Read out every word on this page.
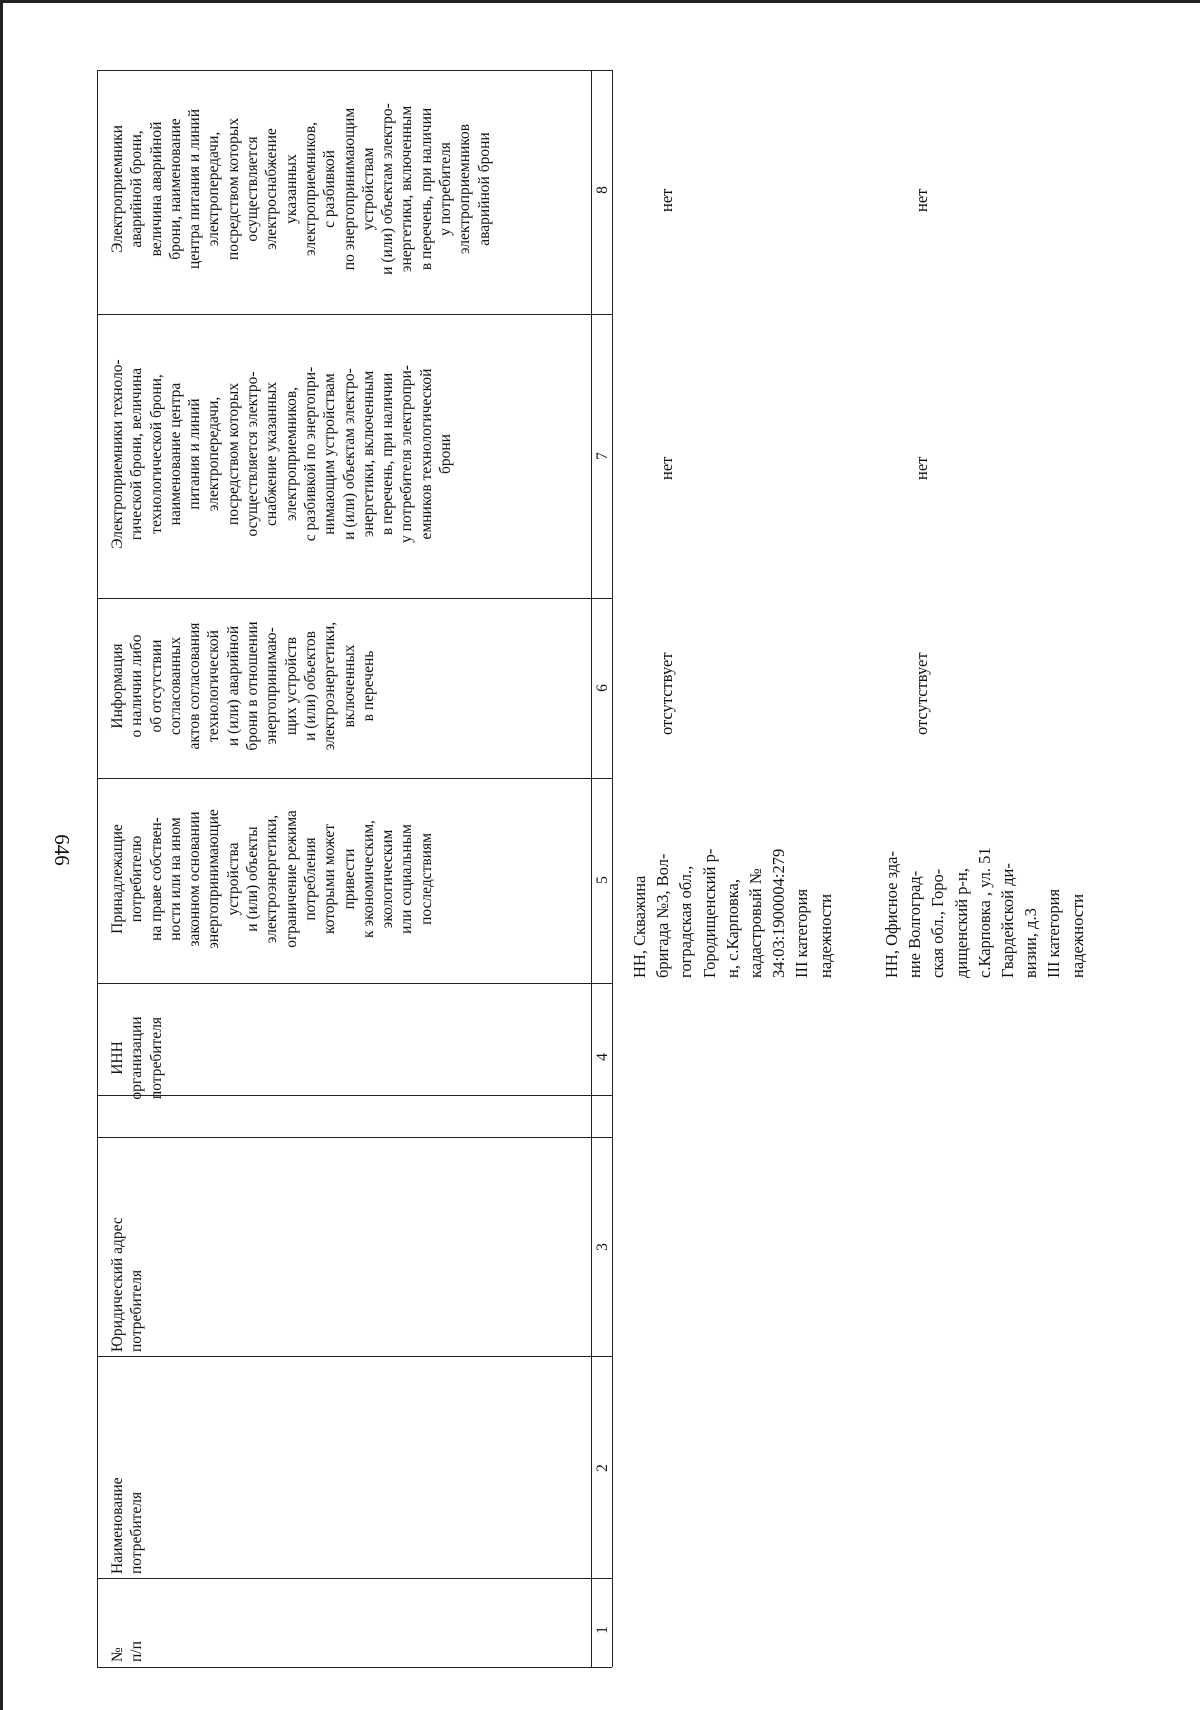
646
№
п/п
Наименование
потребителя
Юридический адрес
потребителя
ИНН
организации
потребителя
Принадлежащие
потребителю
на праве собствен-
ности или на ином
законном основании
энергопринимающие
устройства
и (или) объекты
электроэнергетики,
ограничение режима
потребления
которыми может
привести
к экономическим,
экологическим
или социальным
последствиям
Информация
о наличии либо
об отсутствии
согласованных
актов согласования
технологической
и (или) аварийной
брони в отношении
энергопринимаю-
щих устройств
и (или) объектов
электроэнергетики,
включенных
в перечень
Электроприемники техноло-
гической брони, величина
технологической брони,
наименование центра
питания и линий
электропередачи,
посредством которых
осуществляется электро-
снабжение указанных
электроприемников,
с разбивкой по энергопри-
нимающим устройствам
и (или) объектам электро-
энергетики, включенным
в перечень, при наличии
у потребителя электропри-
емников технологической
брони
Электроприемники
аварийной брони,
величина аварийной
брони, наименование
центра питания и линий
электропередачи,
посредством которых
осуществляется
электроснабжение
указанных
электроприемников,
с разбивкой
по энергопринимающим
устройствам
и (или) объектам электро-
энергетики, включенным
в перечень, при наличии
у потребителя
электроприемников
аварийной брони
1
2
3
4
5
6
7
8
НН, Скважина
бригада №3, Вол-
гоградская обл.,
Городищенский р-
н, с.Карповка,
кадастровый №
34:03:1900004:279
III категория
надежности
отсутствует
нет
нет
НН, Офисное зда-
ние Волгоград-
ская обл., Горо-
дищенский р-н,
с.Карповка , ул. 51
Гвардейской ди-
визии, д.3
III категория
надежности
отсутствует
нет
нет
